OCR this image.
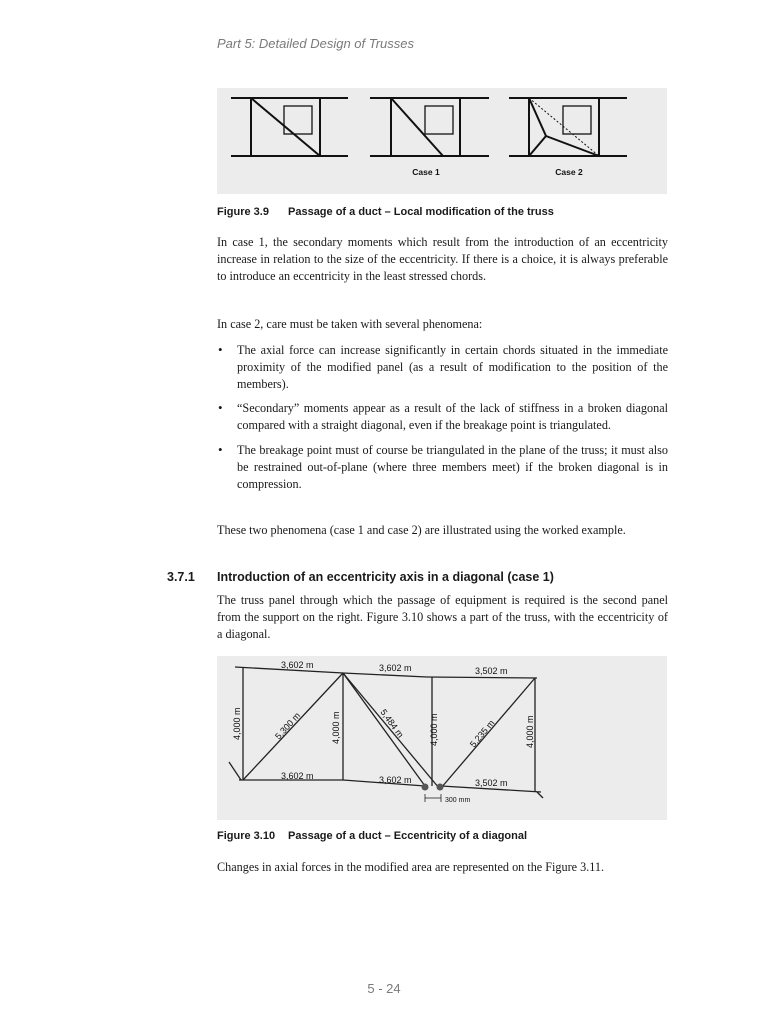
Part 5: Detailed Design of Trusses
Case 1	Case 2
Figure 3.9 Passage of a duct – Local modification of the truss

In case 1, the secondary moments which result from the introduction of an eccentricity increase in relation to the size of the eccentricity. If there is a choice, it is always preferable to introduce an eccentricity in the least stressed chords.

In case 2, care must be taken with several phenomena:

• The axial force can increase significantly in certain chords situated in the immediate proximity of the modified panel (as a result of modification to the position of the members).
• “Secondary” moments appear as a result of the lack of stiffness in a broken diagonal compared with a straight diagonal, even if the breakage point is triangulated.
• The breakage point must of course be triangulated in the plane of the truss; it must also be restrained out-of-plane (where three members meet) if the broken diagonal is in compression.

These two phenomena (case 1 and case 2) are illustrated using the worked example.

3.7.1 Introduction of an eccentricity axis in a diagonal (case 1)

The truss panel through which the passage of equipment is required is the second panel from the support on the right. Figure 3.10 shows a part of the truss, with the eccentricity of a diagonal.

3,602 m	3,602 m	3,502 m
3,602 m	3,602 m	3,502 m
4,000 m	4,000 m	4,000 m	4,000 m
5,300 m	5,484 m	5,235 m
300 mm
Figure 3.10 Passage of a duct – Eccentricity of a diagonal

Changes in axial forces in the modified area are represented on the Figure 3.11.

5 - 24
